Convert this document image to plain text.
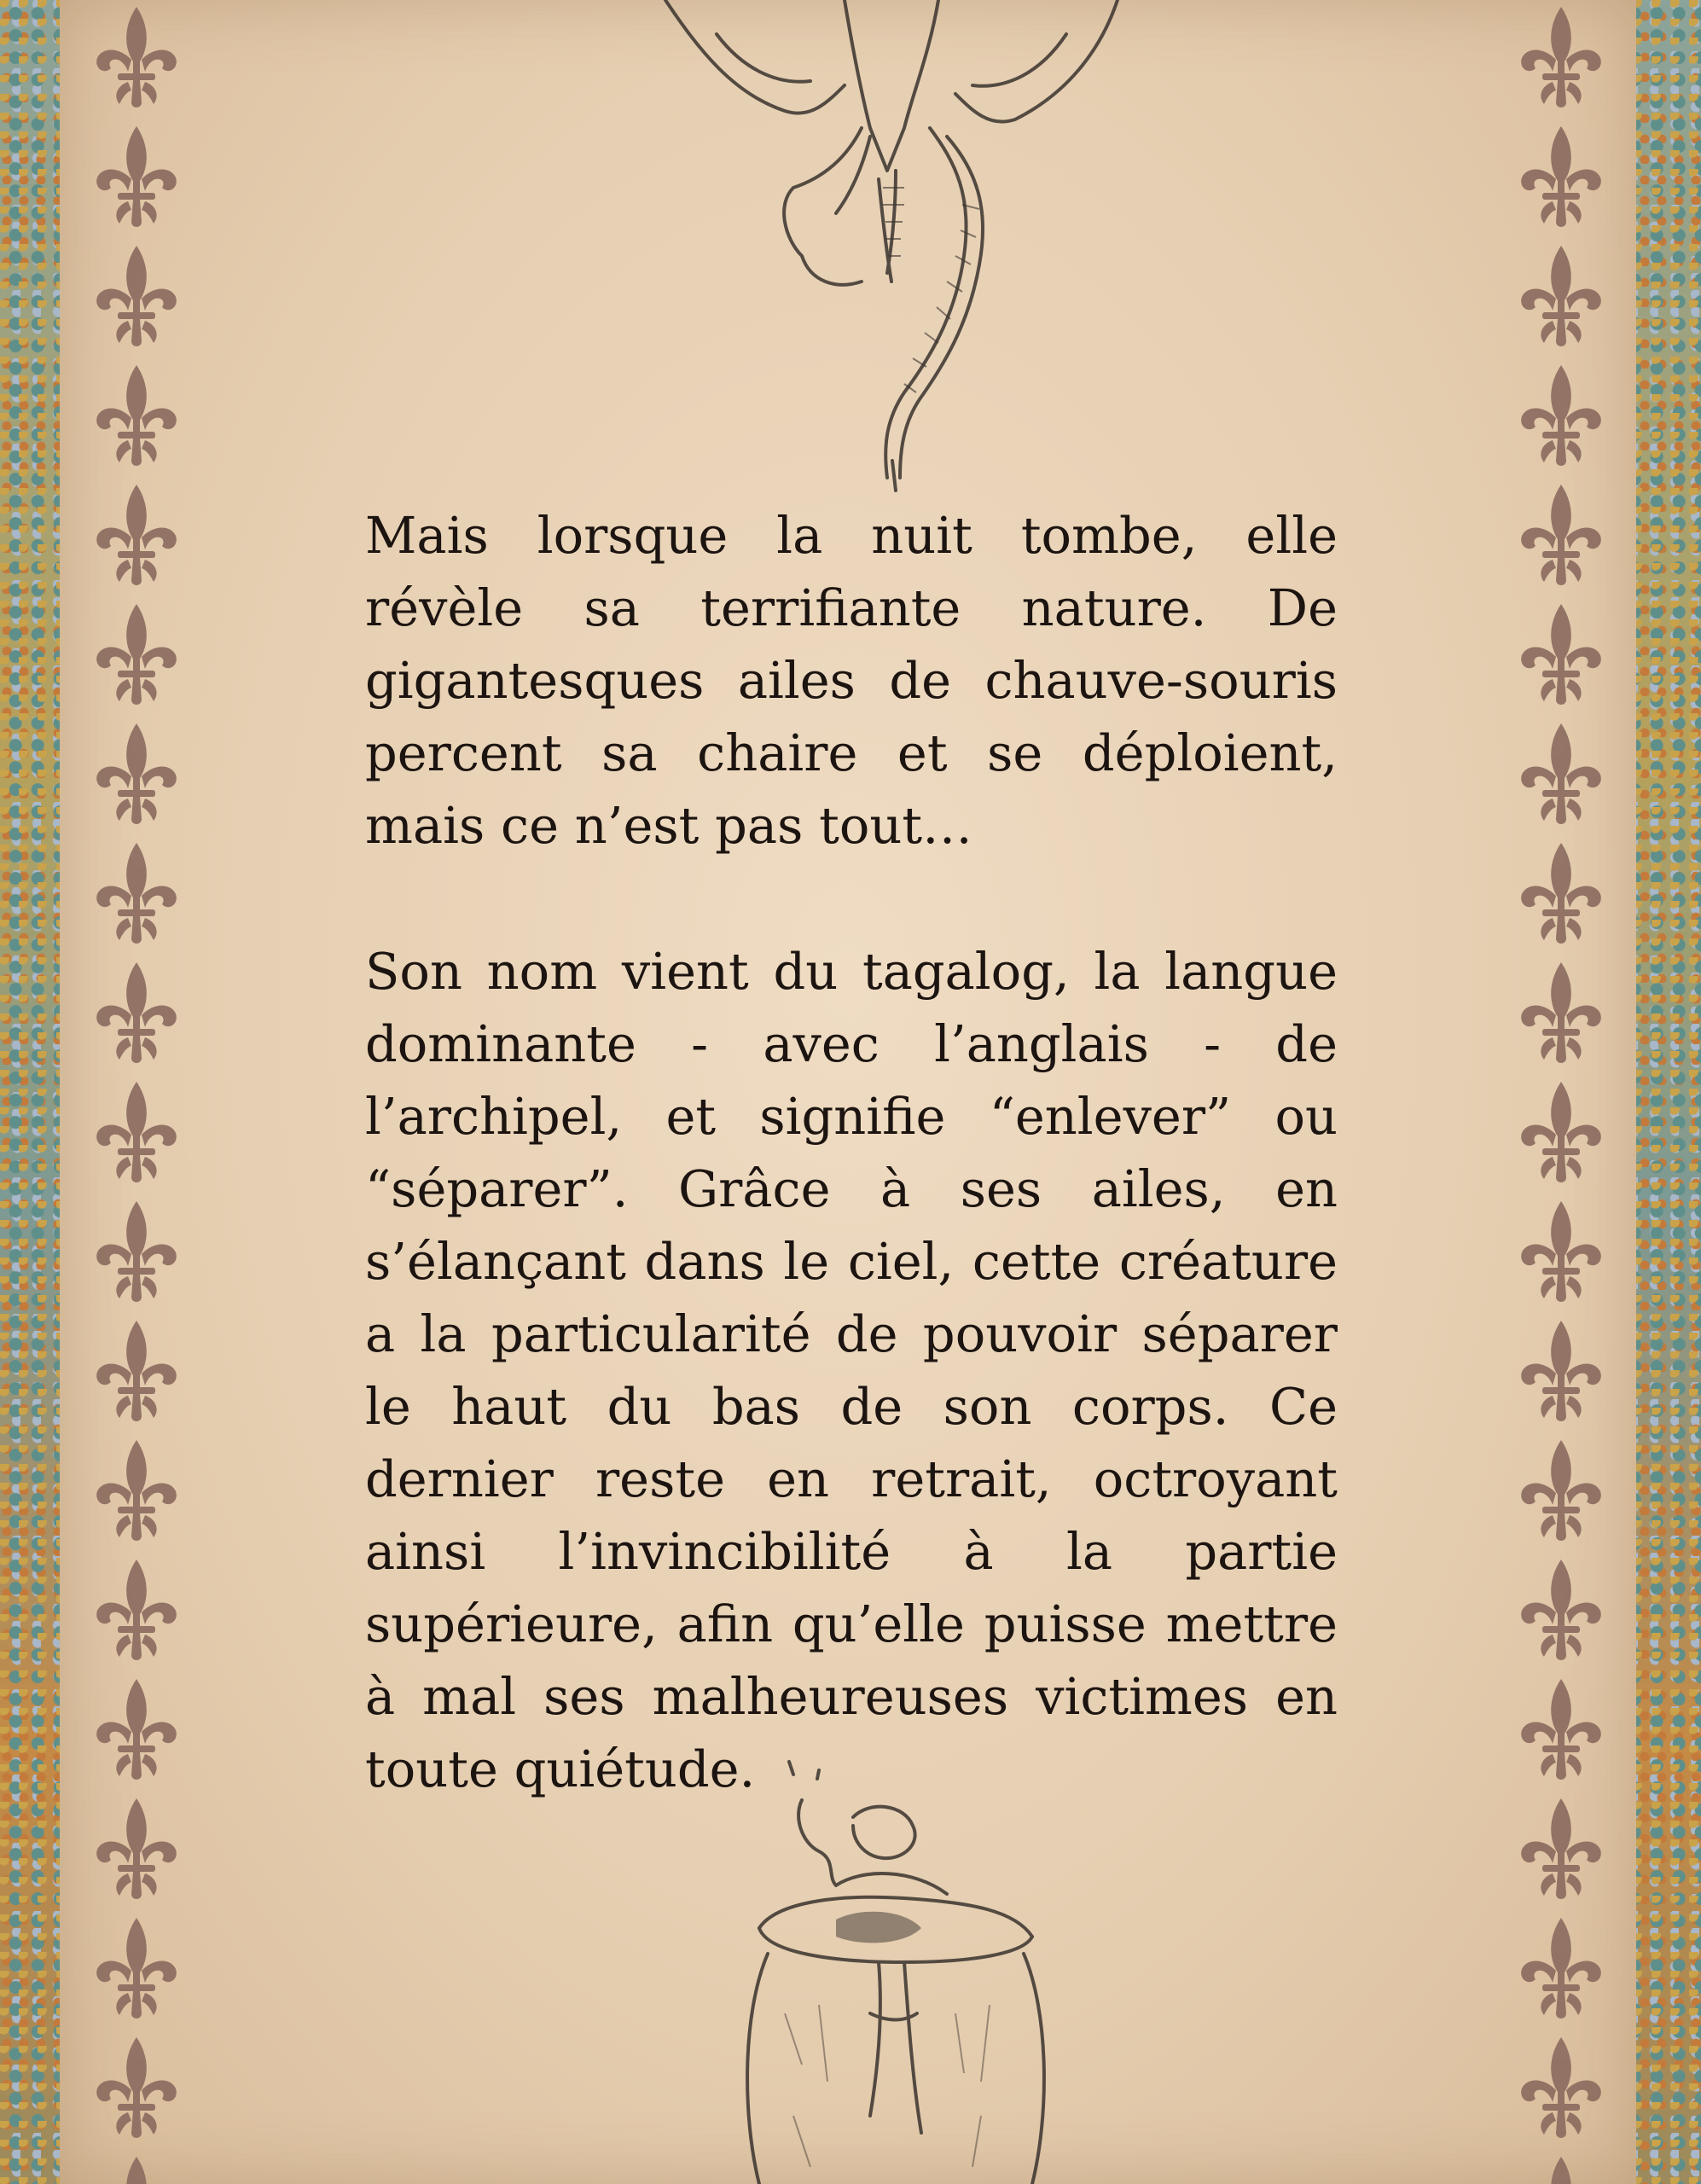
Mais lorsque la nuit tombe, elle révèle sa terrifiante nature. De gigantesques ailes de chauve-souris percent sa chaire et se déploient, mais ce n’est pas tout…

Son nom vient du tagalog, la langue dominante - avec l’anglais - de l’archipel, et signifie “enlever” ou “séparer”. Grâce à ses ailes, en s’élançant dans le ciel, cette créature a la particularité de pouvoir séparer le haut du bas de son corps. Ce dernier reste en retrait, octroyant ainsi l’invincibilité à la partie supérieure, afin qu’elle puisse mettre à mal ses malheureuses victimes en toute quiétude.
